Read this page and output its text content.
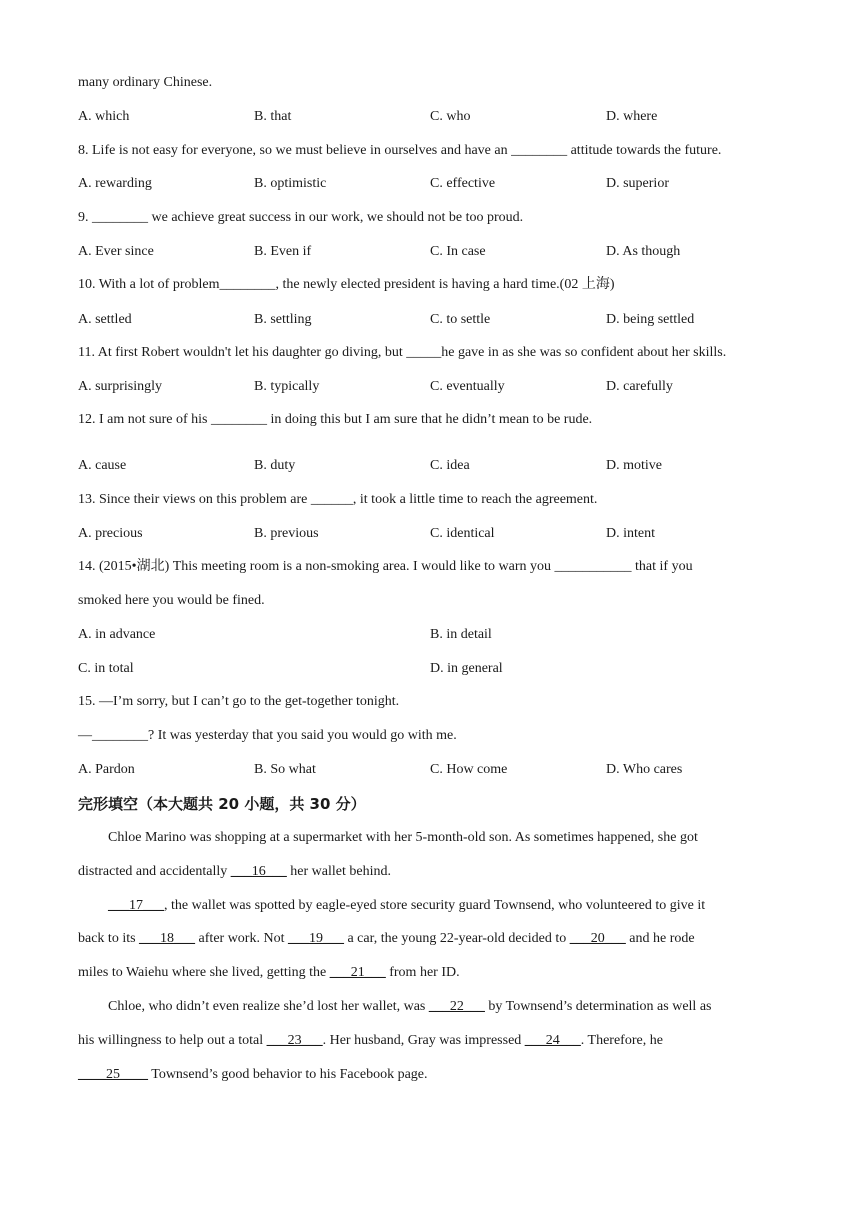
many ordinary Chinese.
A. which	B. that	C. who	D. where
8. Life is not easy for everyone, so we must believe in ourselves and have an ________ attitude towards the future.
A. rewarding	B. optimistic	C. effective	D. superior
9. ________ we achieve great success in our work, we should not be too proud.
A. Ever since	B. Even if	C. In case	D. As though
10. With a lot of problem________, the newly elected president is having a hard time.(02 上海)
A. settled	B. settling	C. to settle	D. being settled
11. At first Robert wouldn't let his daughter go diving, but _____he gave in as she was so confident about her skills.
A. surprisingly	B. typically	C. eventually	D. carefully
12. I am not sure of his ________ in doing this but I am sure that he didn’t mean to be rude.
A. cause	B. duty	C. idea	D. motive
13. Since their views on this problem are ______, it took a little time to reach the agreement.
A. precious	B. previous	C. identical	D. intent
14. (2015•湖北) This meeting room is a non-smoking area. I would like to warn you ___________ that if you
smoked here you would be fined.
A. in advance	B. in detail
C. in total	D. in general
15. —I’m sorry, but I can’t go to the get-together tonight.
—________? It was yesterday that you said you would go with me.
A. Pardon	B. So what	C. How come	D. Who cares
完形填空（本大题共 20 小题，共 30 分）
Chloe Marino was shopping at a supermarket with her 5-month-old son. As sometimes happened, she got
distracted and accidentally ___16___ her wallet behind.
___17___, the wallet was spotted by eagle-eyed store security guard Townsend, who volunteered to give it
back to its ___18___ after work. Not ___19___ a car, the young 22-year-old decided to ___20___ and he rode
miles to Waiehu where she lived, getting the ___21___ from her ID.
Chloe, who didn’t even realize she’d lost her wallet, was ___22___ by Townsend’s determination as well as
his willingness to help out a total ___23___. Her husband, Gray was impressed ___24___. Therefore, he
____25____ Townsend’s good behavior to his Facebook page.
